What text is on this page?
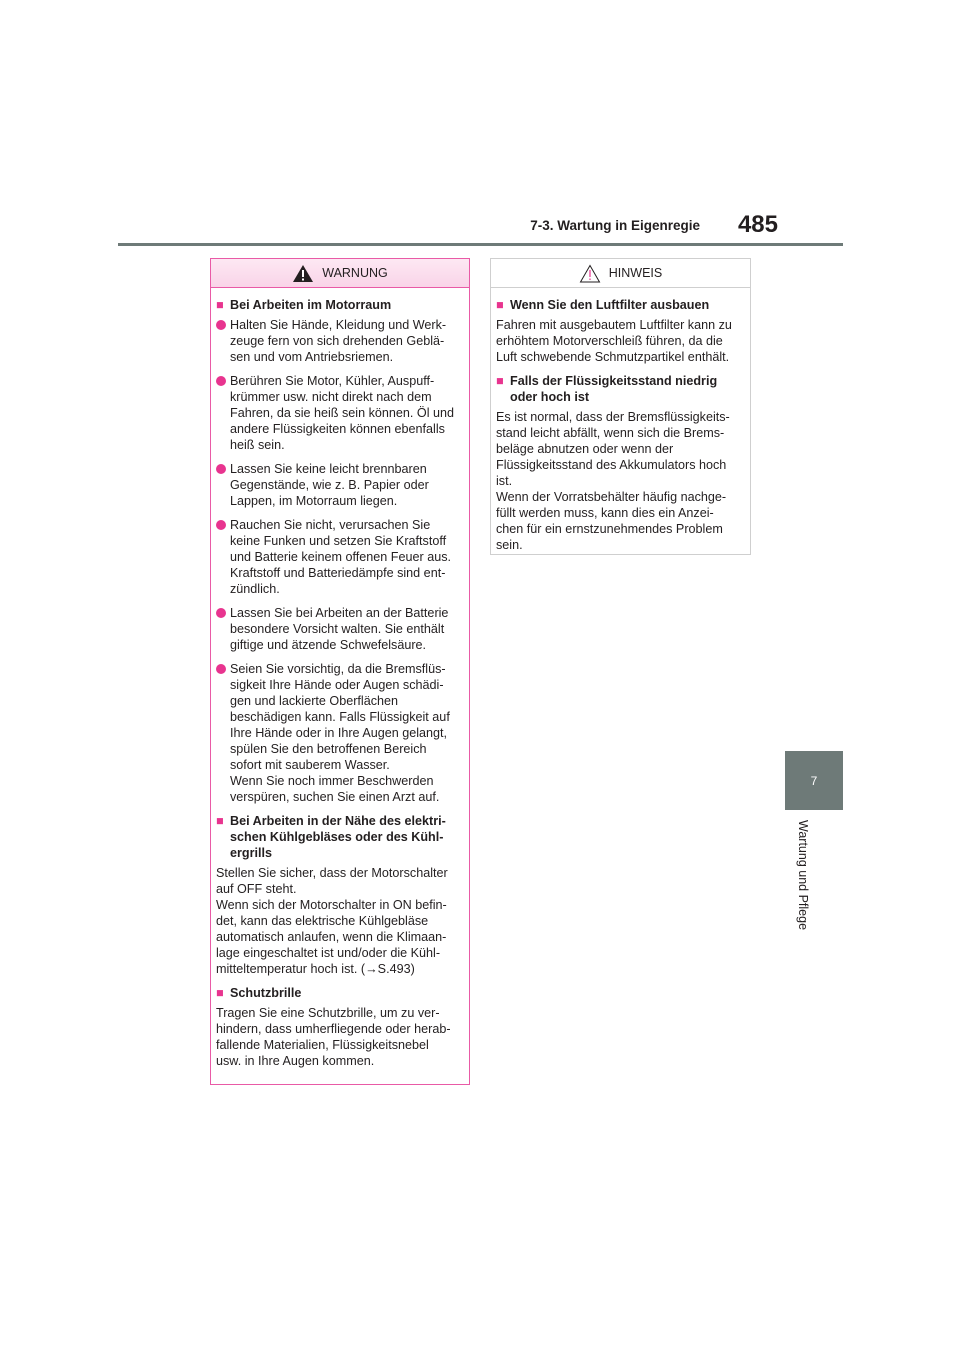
7-3. Wartung in Eigenregie	485
7
Wartung und Pflege
WARNUNG
■ Bei Arbeiten im Motorraum
Halten Sie Hände, Kleidung und Werk-
zeuge fern von sich drehenden Geblä-
sen und vom Antriebsriemen.
Berühren Sie Motor, Kühler, Auspuff-
krümmer usw. nicht direkt nach dem
Fahren, da sie heiß sein können. Öl und
andere Flüssigkeiten können ebenfalls
heiß sein.
Lassen Sie keine leicht brennbaren
Gegenstände, wie z. B. Papier oder
Lappen, im Motorraum liegen.
Rauchen Sie nicht, verursachen Sie
keine Funken und setzen Sie Kraftstoff
und Batterie keinem offenen Feuer aus.
Kraftstoff und Batteriedämpfe sind ent-
zündlich.
Lassen Sie bei Arbeiten an der Batterie
besondere Vorsicht walten. Sie enthält
giftige und ätzende Schwefelsäure.
Seien Sie vorsichtig, da die Bremsflüs-
sigkeit Ihre Hände oder Augen schädi-
gen und lackierte Oberflächen
beschädigen kann. Falls Flüssigkeit auf
Ihre Hände oder in Ihre Augen gelangt,
spülen Sie den betroffenen Bereich
sofort mit sauberem Wasser.
Wenn Sie noch immer Beschwerden
verspüren, suchen Sie einen Arzt auf.
■ Bei Arbeiten in der Nähe des elektri-
schen Kühlgebläses oder des Kühl-
ergrills
Stellen Sie sicher, dass der Motorschalter
auf OFF steht.
Wenn sich der Motorschalter in ON befin-
det, kann das elektrische Kühlgebläse
automatisch anlaufen, wenn die Klimaan-
lage eingeschaltet ist und/oder die Kühl-
mitteltemperatur hoch ist. (→S.493)
■ Schutzbrille
Tragen Sie eine Schutzbrille, um zu ver-
hindern, dass umherfliegende oder herab-
fallende Materialien, Flüssigkeitsnebel
usw. in Ihre Augen kommen.
HINWEIS
■ Wenn Sie den Luftfilter ausbauen
Fahren mit ausgebautem Luftfilter kann zu
erhöhtem Motorverschleiß führen, da die
Luft schwebende Schmutzpartikel enthält.
■ Falls der Flüssigkeitsstand niedrig
oder hoch ist
Es ist normal, dass der Bremsflüssigkeits-
stand leicht abfällt, wenn sich die Brems-
beläge abnutzen oder wenn der
Flüssigkeitsstand des Akkumulators hoch
ist.
Wenn der Vorratsbehälter häufig nachge-
füllt werden muss, kann dies ein Anzei-
chen für ein ernstzunehmendes Problem
sein.
